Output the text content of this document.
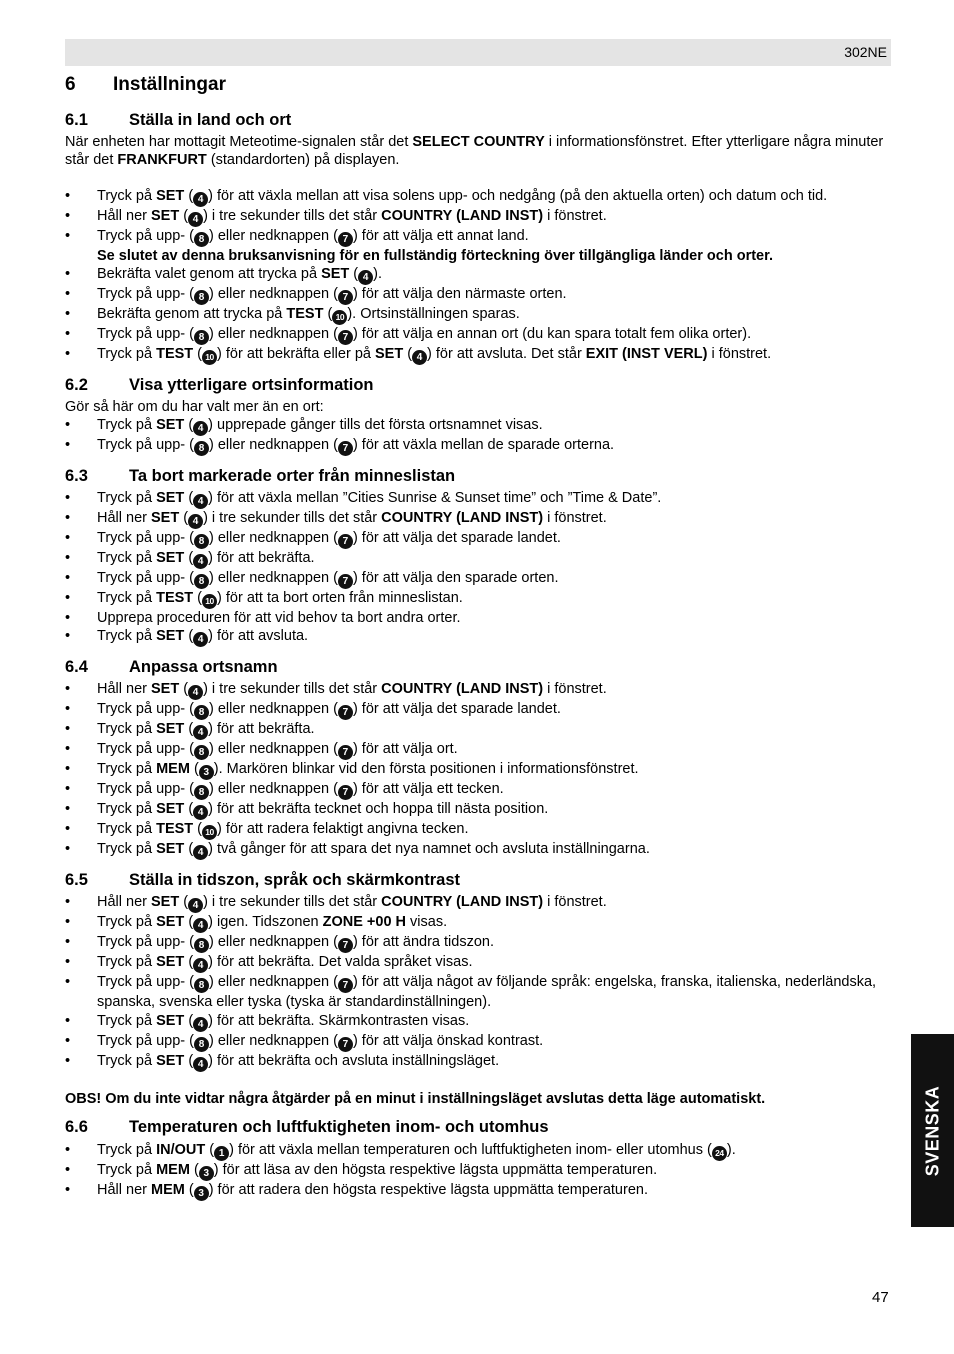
302NE
6	Inställningar
6.1	Ställa in land och ort

När enheten har mottagit Meteotime-signalen står det SELECT COUNTRY i informationsfönstret. Efter ytterligare några minuter står det FRANKFURT (standardorten) på displayen.

• Tryck på SET ( 4 ) för att växla mellan att visa solens upp- och nedgång (på den aktuella orten) och datum och tid.
• Håll ner SET ( 4 ) i tre sekunder tills det står COUNTRY (LAND INST) i fönstret.
• Tryck på upp- ( 8 ) eller nedknappen ( 7 ) för att välja ett annat land.
Se slutet av denna bruksanvisning för en fullständig förteckning över tillgängliga länder och orter.
• Bekräfta valet genom att trycka på SET ( 4 ).
• Tryck på upp- ( 8 ) eller nedknappen ( 7 ) för att välja den närmaste orten.
• Bekräfta genom att trycka på TEST ( 10 ). Ortsinställningen sparas.
• Tryck på upp- ( 8 ) eller nedknappen ( 7 ) för att välja en annan ort (du kan spara totalt fem olika orter).
• Tryck på TEST ( 10 ) för att bekräfta eller på SET ( 4 ) för att avsluta. Det står EXIT (INST VERL) i fönstret.
6.2	Visa ytterligare ortsinformation

Gör så här om du har valt mer än en ort:

• Tryck på SET ( 4 ) upprepade gånger tills det första ortsnamnet visas.
• Tryck på upp- ( 8 ) eller nedknappen ( 7 ) för att växla mellan de sparade orterna.
6.3	Ta bort markerade orter från minneslistan
• Tryck på SET ( 4 ) för att växla mellan ”Cities Sunrise & Sunset time” och ”Time & Date”.
• Håll ner SET ( 4 ) i tre sekunder tills det står COUNTRY (LAND INST) i fönstret.
• Tryck på upp- ( 8 ) eller nedknappen ( 7 ) för att välja det sparade landet.
• Tryck på SET ( 4 ) för att bekräfta.
• Tryck på upp- ( 8 ) eller nedknappen ( 7 ) för att välja den sparade orten.
• Tryck på TEST ( 10 ) för att ta bort orten från minneslistan.
• Upprepa proceduren för att vid behov ta bort andra orter.
• Tryck på SET ( 4 ) för att avsluta.
6.4	Anpassa ortsnamn
• Håll ner SET ( 4 ) i tre sekunder tills det står COUNTRY (LAND INST) i fönstret.
• Tryck på upp- ( 8 ) eller nedknappen ( 7 ) för att välja det sparade landet.
• Tryck på SET ( 4 ) för att bekräfta.
• Tryck på upp- ( 8 ) eller nedknappen ( 7 ) för att välja ort.
• Tryck på MEM ( 3 ). Markören blinkar vid den första positionen i informationsfönstret.
• Tryck på upp- ( 8 ) eller nedknappen ( 7 ) för att välja ett tecken.
• Tryck på SET ( 4 ) för att bekräfta tecknet och hoppa till nästa position.
• Tryck på TEST ( 10 ) för att radera felaktigt angivna tecken.
• Tryck på SET ( 4 ) två gånger för att spara det nya namnet och avsluta inställningarna.
6.5	Ställa in tidszon, språk och skärmkontrast
• Håll ner SET ( 4 ) i tre sekunder tills det står COUNTRY (LAND INST) i fönstret.
• Tryck på SET ( 4 ) igen. Tidszonen ZONE +00 H visas.
• Tryck på upp- ( 8 ) eller nedknappen ( 7 ) för att ändra tidszon.
• Tryck på SET ( 4 ) för att bekräfta. Det valda språket visas.
• Tryck på upp- ( 8 ) eller nedknappen ( 7 ) för att välja något av följande språk: engelska, franska, italienska, nederländska, spanska, svenska eller tyska (tyska är standardinställningen).
• Tryck på SET ( 4 ) för att bekräfta. Skärmkontrasten visas.
• Tryck på upp- ( 8 ) eller nedknappen ( 7 ) för att välja önskad kontrast.
• Tryck på SET ( 4 ) för att bekräfta och avsluta inställningsläget.

OBS! Om du inte vidtar några åtgärder på en minut i inställningsläget avslutas detta läge automatiskt.

6.6	Temperaturen och luftfuktigheten inom- och utomhus
• Tryck på IN/OUT ( 1 ) för att växla mellan temperaturen och luftfuktigheten inom- eller utomhus ( 24 ).
• Tryck på MEM ( 3 ) för att läsa av den högsta respektive lägsta uppmätta temperaturen.
• Håll ner MEM ( 3 ) för att radera den högsta respektive lägsta uppmätta temperaturen.
SVENSKA
47
